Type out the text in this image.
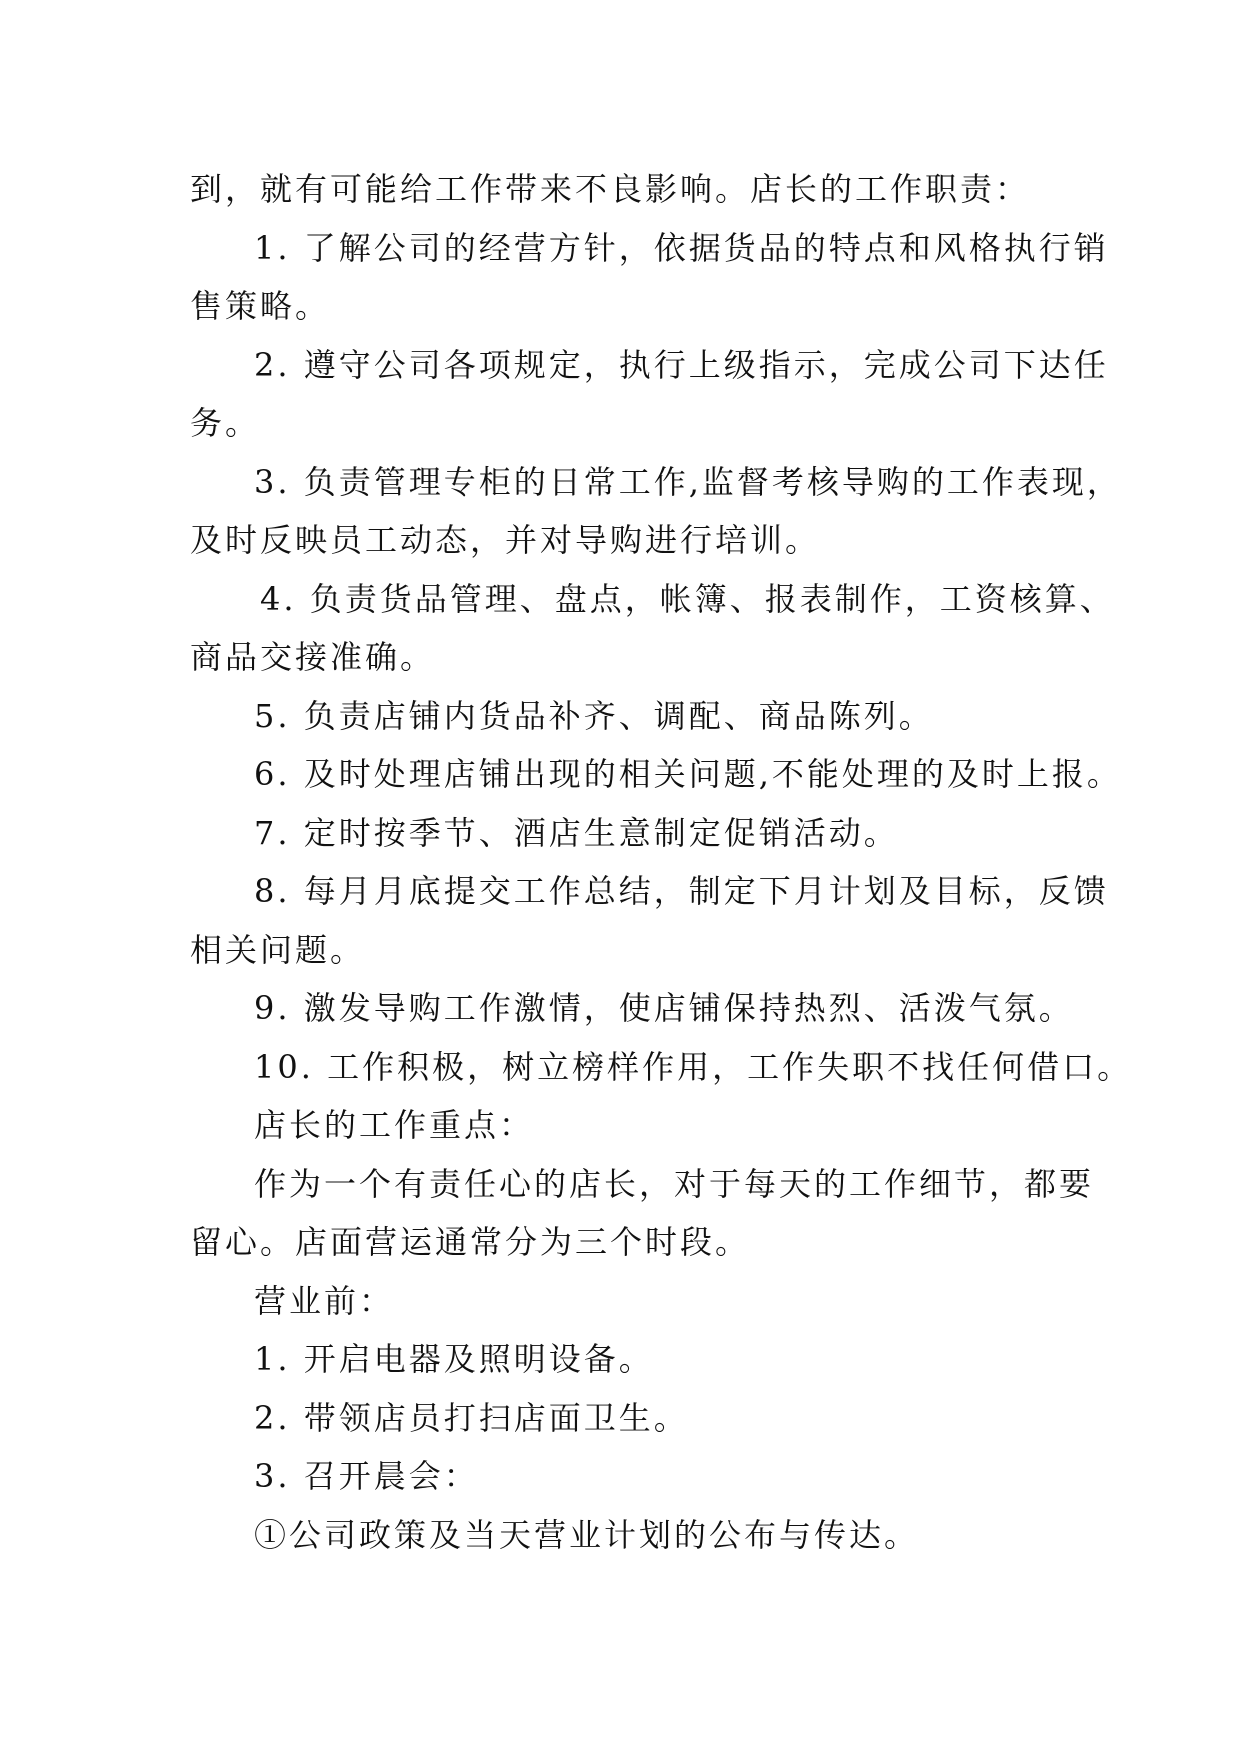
到，就有可能给工作带来不良影响。店长的工作职责：

1. 了解公司的经营方针，依据货品的特点和风格执行销
售策略。

2. 遵守公司各项规定，执行上级指示，完成公司下达任
务。

3. 负责管理专柜的日常工作,监督考核导购的工作表现，
及时反映员工动态，并对导购进行培训。

4. 负责货品管理、盘点，帐簿、报表制作，工资核算、
商品交接准确。

5. 负责店铺内货品补齐、调配、商品陈列。

6. 及时处理店铺出现的相关问题,不能处理的及时上报。

7. 定时按季节、酒店生意制定促销活动。

8. 每月月底提交工作总结，制定下月计划及目标，反馈
相关问题。

9. 激发导购工作激情，使店铺保持热烈、活泼气氛。

10. 工作积极，树立榜样作用，工作失职不找任何借口。

店长的工作重点：

作为一个有责任心的店长，对于每天的工作细节，都要
留心。店面营运通常分为三个时段。

营业前：

1. 开启电器及照明设备。

2. 带领店员打扫店面卫生。

3. 召开晨会：

①公司政策及当天营业计划的公布与传达。
